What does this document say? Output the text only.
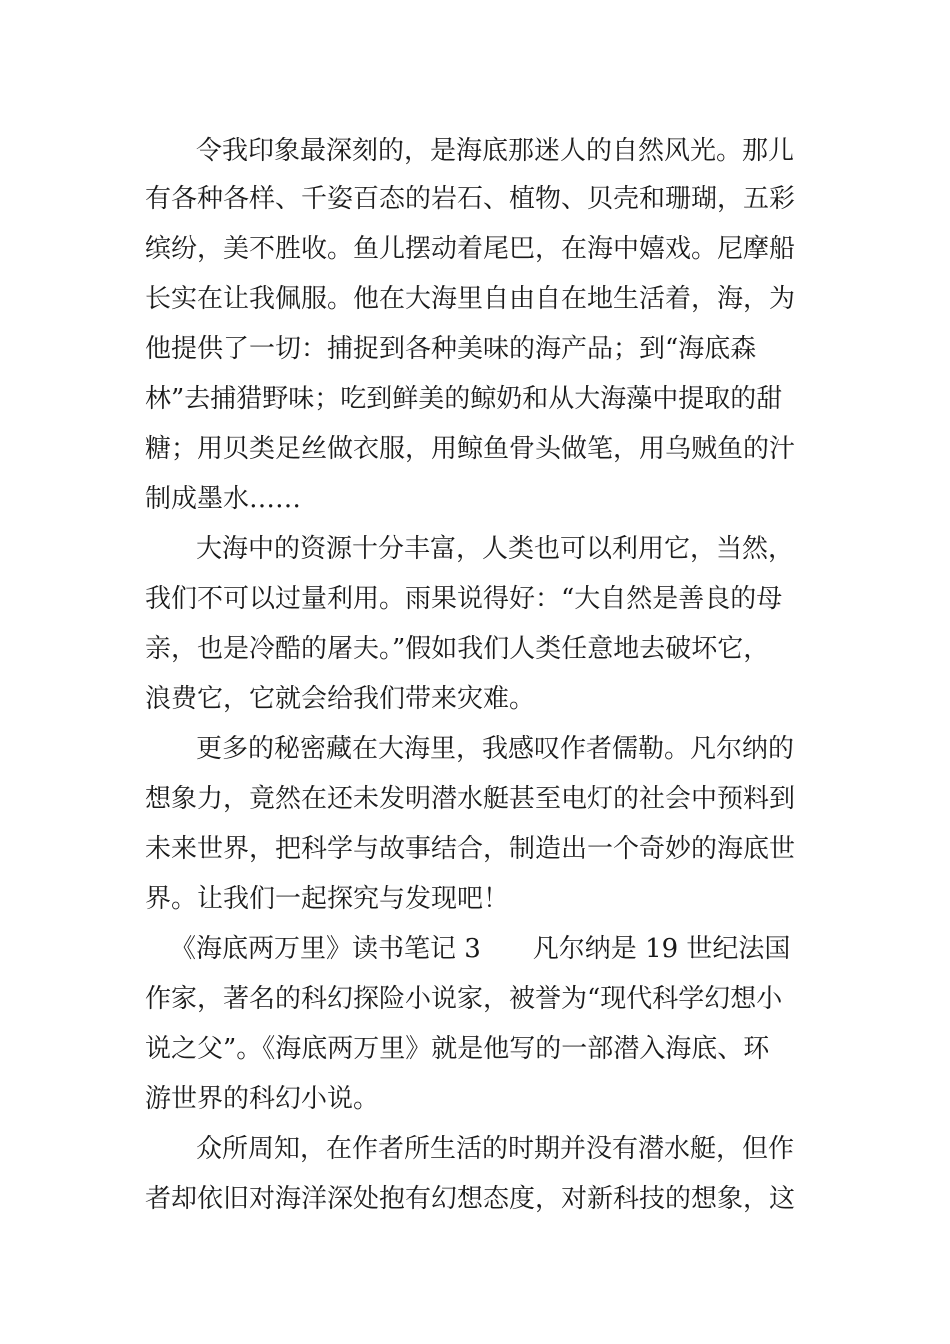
令我印象最深刻的，是海底那迷人的自然风光。那儿
有各种各样、千姿百态的岩石、植物、贝壳和珊瑚，五彩
缤纷，美不胜收。鱼儿摆动着尾巴，在海中嬉戏。尼摩船
长实在让我佩服。他在大海里自由自在地生活着，海，为
他提供了一切：捕捉到各种美味的海产品；到“海底森
林”去捕猎野味；吃到鲜美的鲸奶和从大海藻中提取的甜
糖；用贝类足丝做衣服，用鲸鱼骨头做笔，用乌贼鱼的汁
制成墨水……
大海中的资源十分丰富，人类也可以利用它，当然，
我们不可以过量利用。雨果说得好：“大自然是善良的母
亲，也是冷酷的屠夫。”假如我们人类任意地去破坏它，
浪费它，它就会给我们带来灾难。
更多的秘密藏在大海里，我感叹作者儒勒。凡尔纳的
想象力，竟然在还未发明潜水艇甚至电灯的社会中预料到
未来世界，把科学与故事结合，制造出一个奇妙的海底世
界。让我们一起探究与发现吧！
《海底两万里》读书笔记 3　　凡尔纳是 19 世纪法国
作家，著名的科幻探险小说家，被誉为“现代科学幻想小
说之父”。《海底两万里》就是他写的一部潜入海底、环
游世界的科幻小说。
众所周知，在作者所生活的时期并没有潜水艇，但作
者却依旧对海洋深处抱有幻想态度，对新科技的想象，这
